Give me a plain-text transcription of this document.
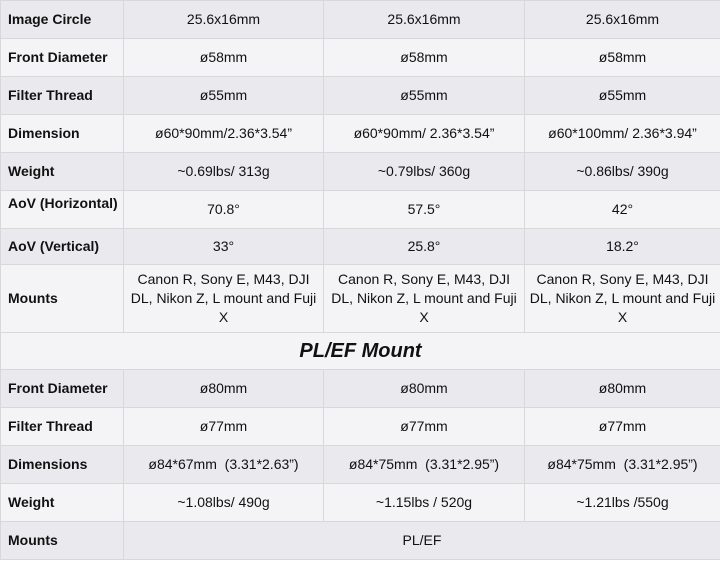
Image Circle	25.6x16mm	25.6x16mm	25.6x16mm
Front Diameter	ø58mm	ø58mm	ø58mm
Filter Thread	ø55mm	ø55mm	ø55mm
Dimension	ø60*90mm/2.36*3.54”	ø60*90mm/ 2.36*3.54”	ø60*100mm/ 2.36*3.94”
Weight	~0.69lbs/ 313g	~0.79lbs/ 360g	~0.86lbs/ 390g

AoV (Horizontal)	70.8°	57.5°	42°
AoV (Vertical)	33°	25.8°	18.2°
Mounts	Canon R, Sony E, M43, DJI DL, Nikon Z, L mount and Fuji X	Canon R, Sony E, M43, DJI DL, Nikon Z, L mount and Fuji X	Canon R, Sony E, M43, DJI DL, Nikon Z, L mount and Fuji X

PL/EF Mount			
Front Diameter	ø80mm	ø80mm	ø80mm
Filter Thread	ø77mm	ø77mm	ø77mm
Dimensions	ø84*67mm  (3.31*2.63”)	ø84*75mm  (3.31*2.95”)	ø84*75mm  (3.31*2.95”)
Weight	~1.08lbs/ 490g	~1.15lbs / 520g	~1.21lbs /550g
Mounts	PL/EF		
